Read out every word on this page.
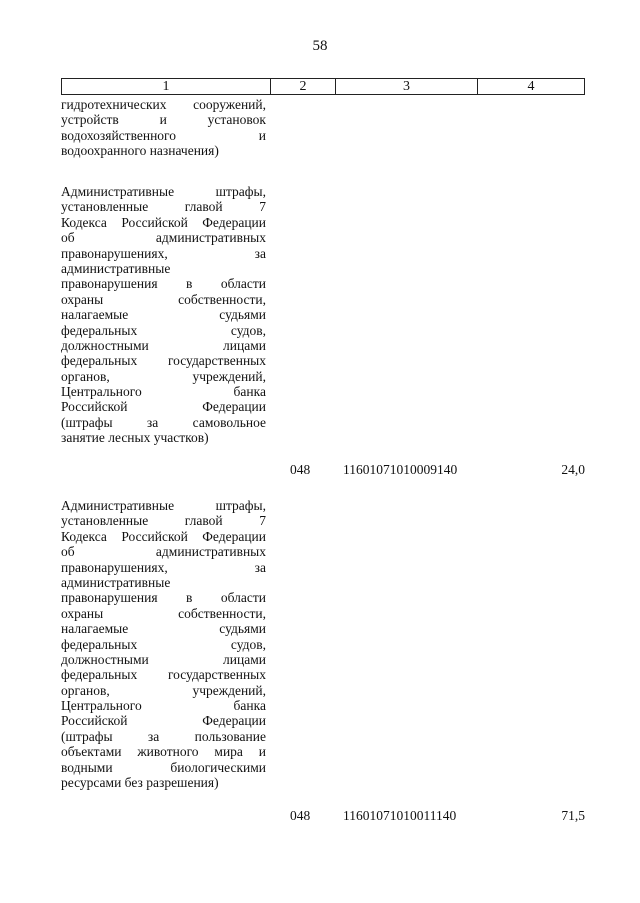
58
1	2	3	4
гидротехнических сооружений,
устройств и установок
водохозяйственного и
водоохранного назначения)
Административные штрафы,
установленные главой 7
Кодекса Российской Федерации
об административных
правонарушениях, за
административные
правонарушения в области
охраны собственности,
налагаемые судьями
федеральных судов,
должностными лицами
федеральных государственных
органов, учреждений,
Центрального банка
Российской Федерации
(штрафы за самовольное
занятие лесных участков)
048 11601071010009140	24,0
Административные штрафы,
установленные главой 7
Кодекса Российской Федерации
об административных
правонарушениях, за
административные
правонарушения в области
охраны собственности,
налагаемые судьями
федеральных судов,
должностными лицами
федеральных государственных
органов, учреждений,
Центрального банка
Российской Федерации
(штрафы за пользование
объектами животного мира и
водными биологическими
ресурсами без разрешения)
048 11601071010011140	71,5
